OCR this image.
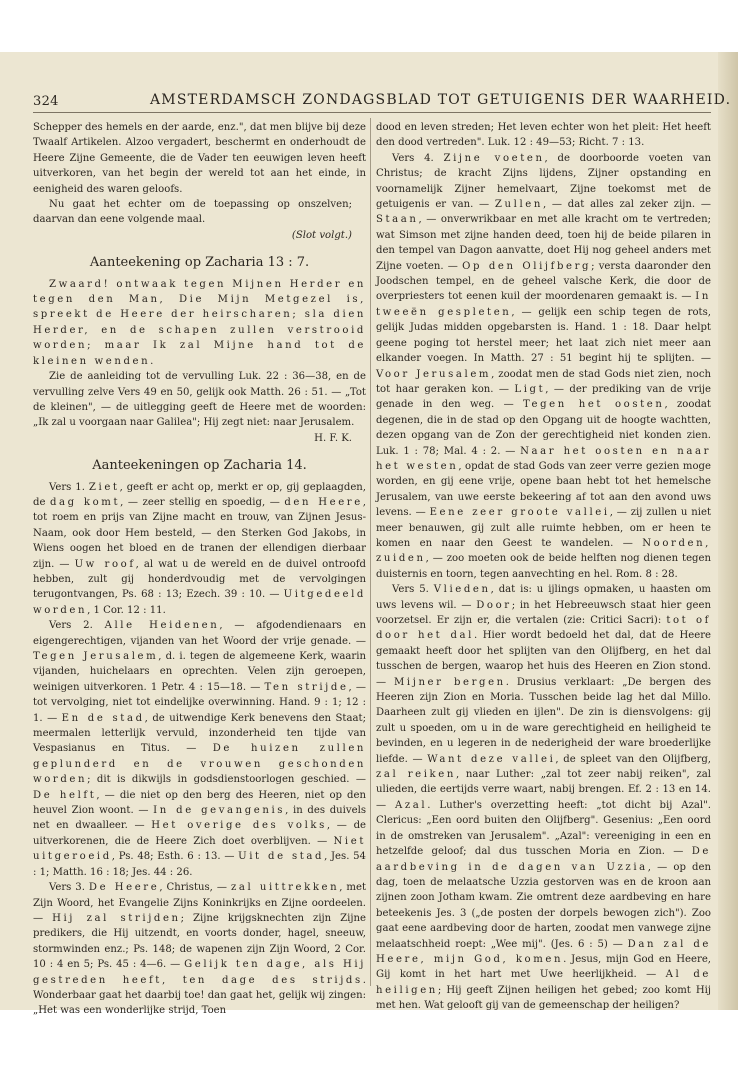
324	AMSTERDAMSCH ZONDAGSBLAD TOT GETUIGENIS DER WAARHEID.

Schepper des hemels en der aarde, enz.", dat men blijve bij deze Twaalf Artikelen. Alzoo vergadert, beschermt en onderhoudt de Heere Zijne Gemeente, die de Vader ten eeuwigen leven heeft uitverkoren, van het begin der wereld tot aan het einde, in eenigheid des waren geloofs.

Nu gaat het echter om de toepassing op onszelven; daarvan dan eene volgende maal.

(Slot volgt.)

Aanteekening op Zacharia 13 : 7.

Zwaard! ontwaak tegen Mijnen Herder en tegen den Man, Die Mijn Metgezel is, spreekt de Heere der heirscharen; sla dien Herder, en de schapen zullen verstrooid worden; maar Ik zal Mijne hand tot de kleinen wenden.

Zie de aanleiding tot de vervulling Luk. 22 : 36—38, en de vervulling zelve Vers 49 en 50, gelijk ook Matth. 26 : 51. — „Tot de kleinen", — de uitlegging geeft de Heere met de woorden: „Ik zal u voorgaan naar Galilea"; Hij zegt niet: naar Jerusalem.

H. F. K.

Aanteekeningen op Zacharia 14.

Vers 1. Ziet, geeft er acht op, merkt er op, gij geplaagden, de dag komt, — zeer stellig en spoedig, — den Heere, tot roem en prijs van Zijne macht en trouw, van Zijnen Jesus-Naam, ook door Hem besteld, — den Sterken God Jakobs, in Wiens oogen het bloed en de tranen der ellendigen dierbaar zijn. — Uw roof, al wat u de wereld en de duivel ontroofd hebben, zult gij honderdvoudig met de vervolgingen terugontvangen, Ps. 68 : 13; Ezech. 39 : 10. — Uitgedeeld worden, 1 Cor. 12 : 11.

Vers 2. Alle Heidenen, — afgodendienaars en eigengerechtigen, vijanden van het Woord der vrije genade. — Tegen Jerusalem, d. i. tegen de algemeene Kerk, waarin vijanden, huichelaars en oprechten. Velen zijn geroepen, weinigen uitverkoren. 1 Petr. 4 : 15—18. — Ten strijde, — tot vervolging, niet tot eindelijke overwinning. Hand. 9 : 1; 12 : 1. — En de stad, de uitwendige Kerk benevens den Staat; meermalen letterlijk vervuld, inzonderheid ten tijde van Vespasianus en Titus. — De huizen zullen geplunderd en de vrouwen geschonden worden; dit is dikwijls in godsdienstoorlogen geschied. — De helft, — die niet op den berg des Heeren, niet op den heuvel Zion woont. — In de gevangenis, in des duivels net en dwaalleer. — Het overige des volks, — de uitverkorenen, die de Heere Zich doet overblijven. — Niet uitgeroeid, Ps. 48; Esth. 6 : 13. — Uit de stad, Jes. 54 : 1; Matth. 16 : 18; Jes. 44 : 26.

Vers 3. De Heere, Christus, — zal uittrekken, met Zijn Woord, het Evangelie Zijns Koninkrijks en Zijne oordeelen. — Hij zal strijden; Zijne krijgsknechten zijn Zijne predikers, die Hij uitzendt, en voorts donder, hagel, sneeuw, stormwinden enz.; Ps. 148; de wapenen zijn Zijn Woord, 2 Cor. 10 : 4 en 5; Ps. 45 : 4—6. — Gelijk ten dage, als Hij gestreden heeft, ten dage des strijds. Wonderbaar gaat het daarbij toe! dan gaat het, gelijk wij zingen: „Het was een wonderlijke strijd, Toen

dood en leven streden; Het leven echter won het pleit: Het heeft den dood vertreden". Luk. 12 : 49—53; Richt. 7 : 13.

Vers 4. Zijne voeten, de doorboorde voeten van Christus; de kracht Zijns lijdens, Zijner opstanding en voornamelijk Zijner hemelvaart, Zijne toekomst met de getuigenis er van. — Zullen, — dat alles zal zeker zijn. — Staan, — onverwrikbaar en met alle kracht om te vertreden; wat Simson met zijne handen deed, toen hij de beide pilaren in den tempel van Dagon aanvatte, doet Hij nog geheel anders met Zijne voeten. — Op den Olijfberg; versta daaronder den Joodschen tempel, en de geheel valsche Kerk, die door de overpriesters tot eenen kuil der moordenaren gemaakt is. — In tweeën gespleten, — gelijk een schip tegen de rots, gelijk Judas midden opgebarsten is. Hand. 1 : 18. Daar helpt geene poging tot herstel meer; het laat zich niet meer aan elkander voegen. In Matth. 27 : 51 begint hij te splijten. — Voor Jerusalem, zoodat men de stad Gods niet zien, noch tot haar geraken kon. — Ligt, — der prediking van de vrije genade in den weg. — Tegen het oosten, zoodat degenen, die in de stad op den Opgang uit de hoogte wachtten, dezen opgang van de Zon der gerechtigheid niet konden zien. Luk. 1 : 78; Mal. 4 : 2. — Naar het oosten en naar het westen, opdat de stad Gods van zeer verre gezien moge worden, en gij eene vrije, opene baan hebt tot het hemelsche Jerusalem, van uwe eerste bekeering af tot aan den avond uws levens. — Eene zeer groote vallei, — zij zullen u niet meer benauwen, gij zult alle ruimte hebben, om er heen te komen en naar den Geest te wandelen. — Noorden, zuiden, — zoo moeten ook de beide helften nog dienen tegen duisternis en toorn, tegen aanvechting en hel. Rom. 8 : 28.

Vers 5. Vlieden, dat is: u ijlings opmaken, u haasten om uws levens wil. — Door; in het Hebreeuwsch staat hier geen voorzetsel. Er zijn er, die vertalen (zie: Critici Sacri): tot of door het dal. Hier wordt bedoeld het dal, dat de Heere gemaakt heeft door het splijten van den Olijfberg, en het dal tusschen de bergen, waarop het huis des Heeren en Zion stond. — Mijner bergen. Drusius verklaart: „De bergen des Heeren zijn Zion en Moria. Tusschen beide lag het dal Millo. Daarheen zult gij vlieden en ijlen". De zin is diensvolgens: gij zult u spoeden, om u in de ware gerechtigheid en heiligheid te bevinden, en u legeren in de nederigheid der ware broederlijke liefde. — Want deze vallei, de spleet van den Olijfberg, zal reiken, naar Luther: „zal tot zeer nabij reiken", zal ulieden, die eertijds verre waart, nabij brengen. Ef. 2 : 13 en 14. — Azal. Luther's overzetting heeft: „tot dicht bij Azal". Clericus: „Een oord buiten den Olijfberg". Gesenius: „Een oord in de omstreken van Jerusalem". „Azal": vereeniging in een en hetzelfde geloof; dal dus tusschen Moria en Zion. — De aardbeving in de dagen van Uzzia, — op den dag, toen de melaatsche Uzzia gestorven was en de kroon aan zijnen zoon Jotham kwam. Zie omtrent deze aardbeving en hare beteekenis Jes. 3 („de posten der dorpels bewogen zich"). Zoo gaat eene aardbeving door de harten, zoodat men vanwege zijne melaatschheid roept: „Wee mij". (Jes. 6 : 5) — Dan zal de Heere, mijn God, komen. Jesus, mijn God en Heere, Gij komt in het hart met Uwe heerlijkheid. — Al de heiligen; Hij geeft Zijnen heiligen het gebed; zoo komt Hij met hen. Wat gelooft gij van de gemeenschap der heiligen?
